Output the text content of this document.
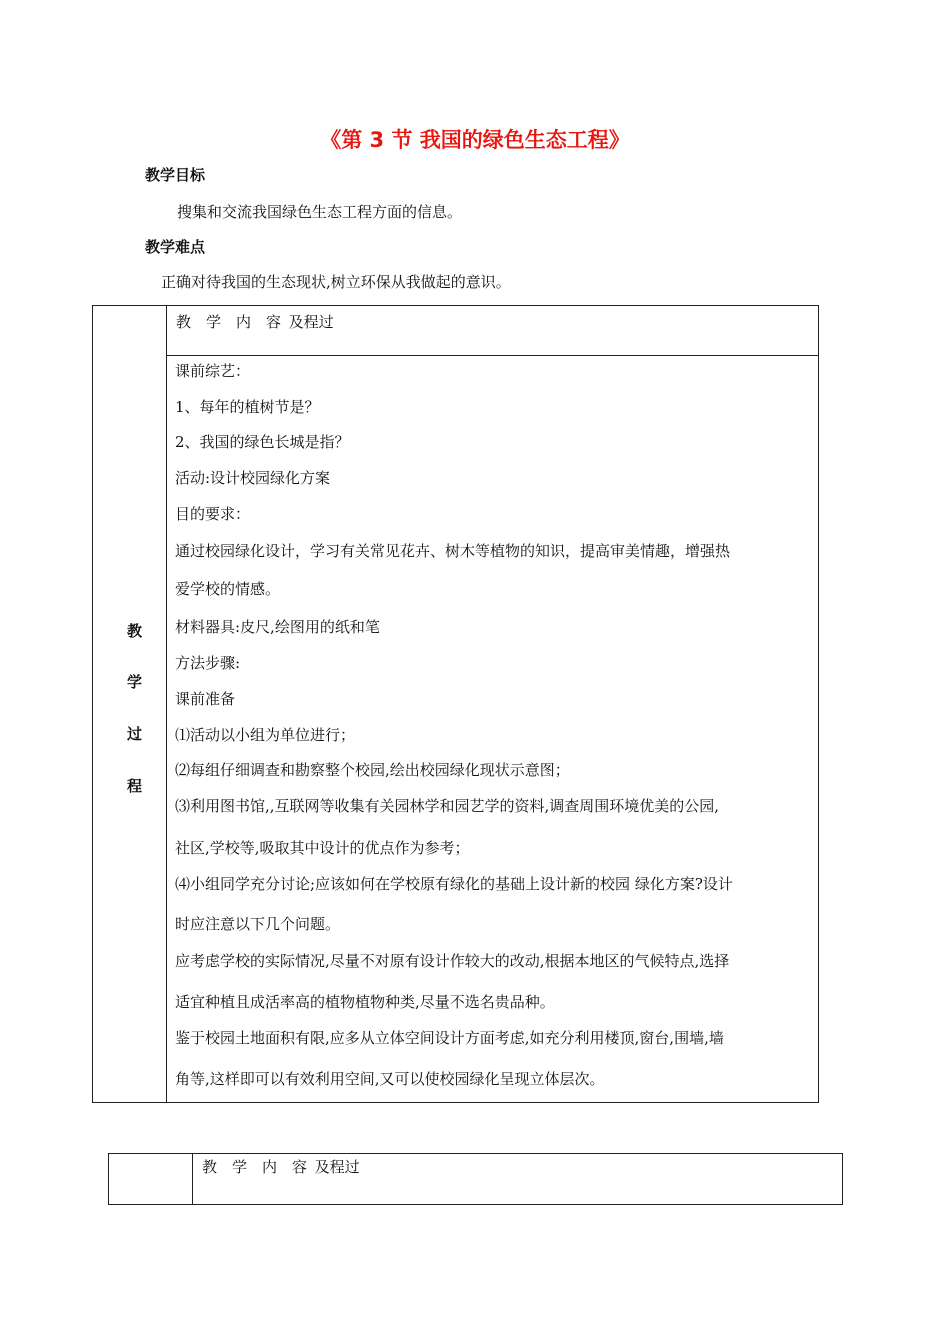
《第 3 节 我国的绿色生态工程》
教学目标
搜集和交流我国绿色生态工程方面的信息。
教学难点
正确对待我国的生态现状,树立环保从我做起的意识。
教
学
过
程
教  学  内  容  及程过
课前综艺：
1、每年的植树节是？
2、我国的绿色长城是指？
活动:设计校园绿化方案
目的要求：
通过校园绿化设计，学习有关常见花卉、树木等植物的知识，提高审美情趣，增强热
爱学校的情感。
材料器具:皮尺,绘图用的纸和笔
方法步骤:
课前准备
⑴活动以小组为单位进行；
⑵每组仔细调查和勘察整个校园,绘出校园绿化现状示意图；
⑶利用图书馆,,互联网等收集有关园林学和园艺学的资料,调查周围环境优美的公园,
社区,学校等,吸取其中设计的优点作为参考；
⑷小组同学充分讨论;应该如何在学校原有绿化的基础上设计新的校园 绿化方案?设计
时应注意以下几个问题。
应考虑学校的实际情况,尽量不对原有设计作较大的改动,根据本地区的气候特点,选择
适宜种植且成活率高的植物植物种类,尽量不选名贵品种。
鉴于校园土地面积有限,应多从立体空间设计方面考虑,如充分利用楼顶,窗台,围墙,墙
角等,这样即可以有效利用空间,又可以使校园绿化呈现立体层次。
教  学  内  容  及程过
